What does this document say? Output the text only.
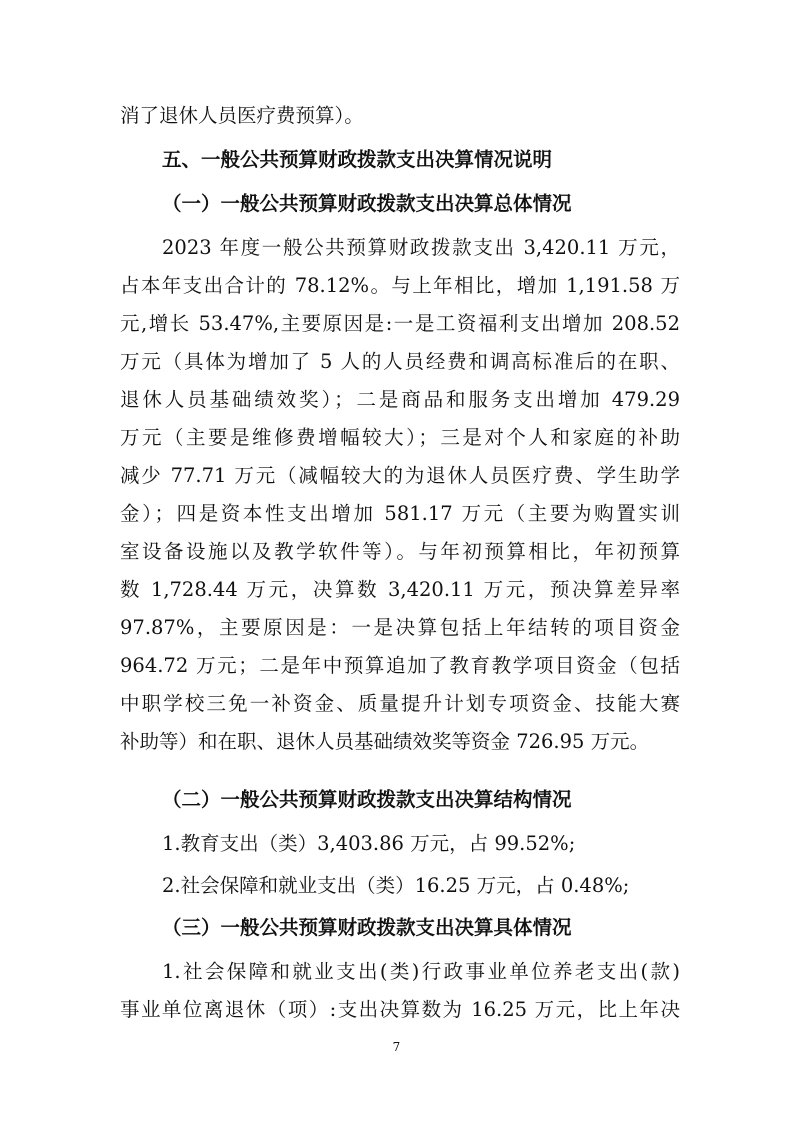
消了退休人员医疗费预算）。
五、一般公共预算财政拨款支出决算情况说明
（一）一般公共预算财政拨款支出决算总体情况
2023 年度一般公共预算财政拨款支出 3,420.11 万元，
占本年支出合计的 78.12%。与上年相比，增加 1,191.58 万
元,增长 53.47%,主要原因是:一是工资福利支出增加 208.52
万元（具体为增加了 5 人的人员经费和调高标准后的在职、
退休人员基础绩效奖）；二是商品和服务支出增加 479.29
万元（主要是维修费增幅较大）；三是对个人和家庭的补助
减少 77.71 万元（减幅较大的为退休人员医疗费、学生助学
金）；四是资本性支出增加 581.17 万元（主要为购置实训
室设备设施以及教学软件等）。与年初预算相比，年初预算
数 1,728.44 万元，决算数 3,420.11 万元，预决算差异率
97.87%，主要原因是：一是决算包括上年结转的项目资金
964.72 万元；二是年中预算追加了教育教学项目资金（包括
中职学校三免一补资金、质量提升计划专项资金、技能大赛
补助等）和在职、退休人员基础绩效奖等资金 726.95 万元。
（二）一般公共预算财政拨款支出决算结构情况
1.教育支出（类）3,403.86 万元，占 99.52%;
2.社会保障和就业支出（类）16.25 万元，占 0.48%;
（三）一般公共预算财政拨款支出决算具体情况
1.社会保障和就业支出(类)行政事业单位养老支出(款)
事业单位离退休（项）:支出决算数为 16.25 万元，比上年决
7
